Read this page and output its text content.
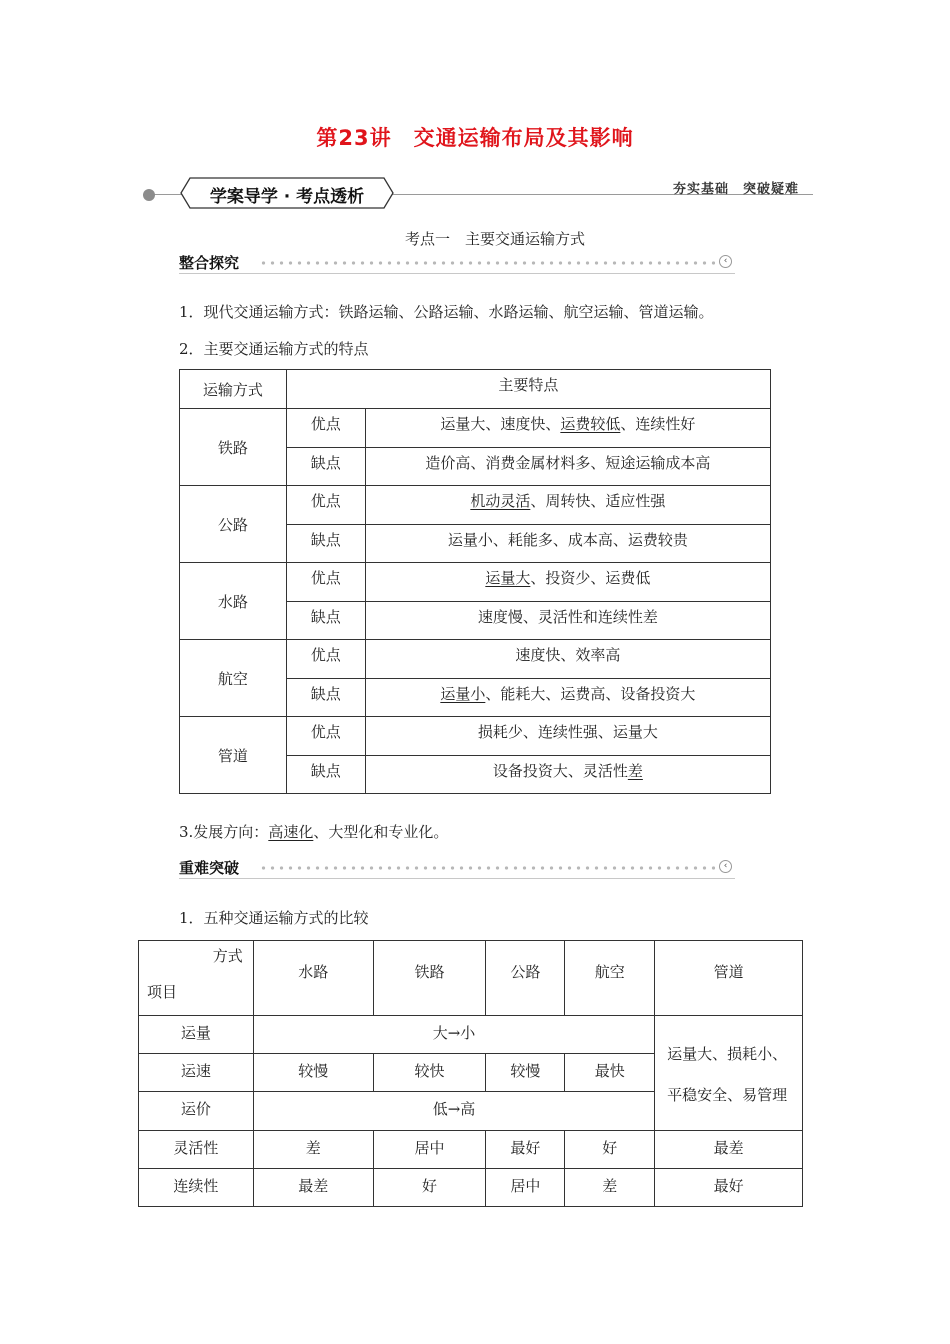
第23讲　交通运输布局及其影响
学案导学 · 考点透析	夯实基础　突破疑难
考点一　主要交通运输方式
整合探究	‹
1．现代交通运输方式：铁路运输、公路运输、水路运输、航空运输、管道运输。
2．主要交通运输方式的特点
运输方式	主要特点	
铁路	优点	运量大、速度快、运费较低、连续性好
	缺点	造价高、消费金属材料多、短途运输成本高
公路	优点	机动灵活、周转快、适应性强
	缺点	运量小、耗能多、成本高、运费较贵
水路	优点	运量大、投资少、运费低
	缺点	速度慢、灵活性和连续性差
航空	优点	速度快、效率高
	缺点	运量小、能耗大、运费高、设备投资大
管道	优点	损耗少、连续性强、运量大
	缺点	设备投资大、灵活性差
3.发展方向：高速化、大型化和专业化。
重难突破	‹
1．五种交通运输方式的比较
方式
项目	水路	铁路	公路	航空	管道
运量	大→小				运量大、损耗小、
平稳安全、易管理

运速	较慢	较快	较慢	最快	
运价	低→高				
灵活性	差	居中	最好	好	最差
连续性	最差	好	居中	差	最好
